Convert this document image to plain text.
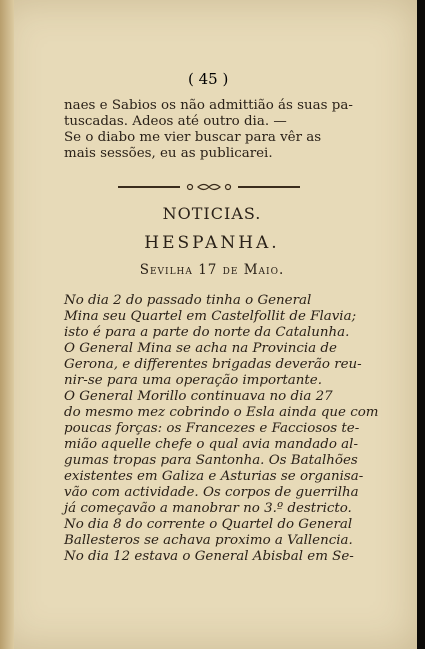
( 45 )
naes e Sabios os não admittião ás suas pa-
tuscadas. Adeos até outro dia. —
Se o diabo me vier buscar para vêr as
mais sessões, eu as publicarei.
NOTICIAS.
HESPANHA.
Sevilha 17 de Maio.
No dia 2 do passado tinha o General
Mina seu Quartel em Castelfollit de Flavia;
isto é para a parte do norte da Catalunha.
O General Mina se acha na Provincia de
Gerona, e differentes brigadas deverão reu-
nir-se para uma operação importante.
O General Morillo continuava no dia 27
do mesmo mez cobrindo o Esla ainda que com
poucas forças: os Francezes e Facciosos te-
mião aquelle chefe o qual avia mandado al-
gumas tropas para Santonha. Os Batalhões
existentes em Galiza e Asturias se organisa-
vão com actividade. Os corpos de guerrilha
já começavão a manobrar no 3.º destricto.
No dia 8 do corrente o Quartel do General
Ballesteros se achava proximo a Vallencia.
No dia 12 estava o General Abisbal em Se-
